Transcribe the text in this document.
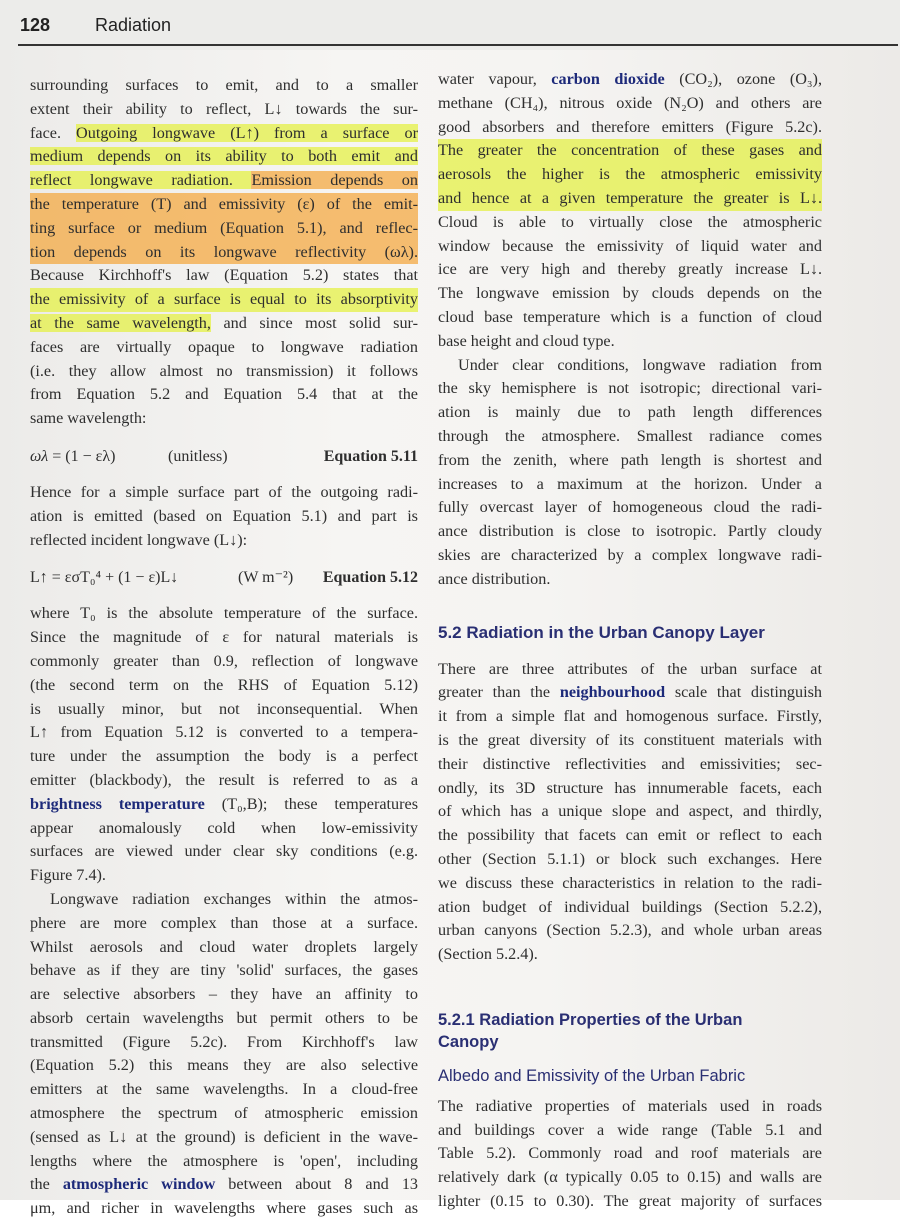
128 Radiation
surrounding surfaces to emit, and to a smaller
extent their ability to reflect, L↓ towards the sur-
face. Outgoing longwave (L↑) from a surface or
medium depends on its ability to both emit and
reflect longwave radiation. Emission depends on
the temperature (T) and emissivity (ε) of the emit-
ting surface or medium (Equation 5.1), and reflec-
tion depends on its longwave reflectivity (ωλ).
Because Kirchhoff's law (Equation 5.2) states that
the emissivity of a surface is equal to its absorptivity
at the same wavelength, and since most solid sur-
faces are virtually opaque to longwave radiation
(i.e. they allow almost no transmission) it follows
from Equation 5.2 and Equation 5.4 that at the
same wavelength:
ωλ = (1 − ελ)	(unitless)	Equation 5.11
Hence for a simple surface part of the outgoing radi-
ation is emitted (based on Equation 5.1) and part is
reflected incident longwave (L↓):
L↑ = εσT₀⁴ + (1 − ε)L↓	(W m⁻²) Equation 5.12
where T₀ is the absolute temperature of the surface.
Since the magnitude of ε for natural materials is
commonly greater than 0.9, reflection of longwave
(the second term on the RHS of Equation 5.12)
is usually minor, but not inconsequential. When
L↑ from Equation 5.12 is converted to a tempera-
ture under the assumption the body is a perfect
emitter (blackbody), the result is referred to as a
brightness temperature (T₀,B); these temperatures
appear anomalously cold when low-emissivity
surfaces are viewed under clear sky conditions (e.g.
Figure 7.4).
Longwave radiation exchanges within the atmos-
phere are more complex than those at a surface.
Whilst aerosols and cloud water droplets largely
behave as if they are tiny 'solid' surfaces, the gases
are selective absorbers – they have an affinity to
absorb certain wavelengths but permit others to be
transmitted (Figure 5.2c). From Kirchhoff's law
(Equation 5.2) this means they are also selective
emitters at the same wavelengths. In a cloud-free
atmosphere the spectrum of atmospheric emission
(sensed as L↓ at the ground) is deficient in the wave-
lengths where the atmosphere is 'open', including
the atmospheric window between about 8 and 13
μm, and richer in wavelengths where gases such as
water vapour, carbon dioxide (CO₂), ozone (O₃),
methane (CH₄), nitrous oxide (N₂O) and others are
good absorbers and therefore emitters (Figure 5.2c).
The greater the concentration of these gases and
aerosols the higher is the atmospheric emissivity
and hence at a given temperature the greater is L↓.
Cloud is able to virtually close the atmospheric
window because the emissivity of liquid water and
ice are very high and thereby greatly increase L↓.
The longwave emission by clouds depends on the
cloud base temperature which is a function of cloud
base height and cloud type.
Under clear conditions, longwave radiation from
the sky hemisphere is not isotropic; directional vari-
ation is mainly due to path length differences
through the atmosphere. Smallest radiance comes
from the zenith, where path length is shortest and
increases to a maximum at the horizon. Under a
fully overcast layer of homogeneous cloud the radi-
ance distribution is close to isotropic. Partly cloudy
skies are characterized by a complex longwave radi-
ance distribution.
5.2 Radiation in the Urban Canopy Layer
There are three attributes of the urban surface at
greater than the neighbourhood scale that distinguish
it from a simple flat and homogenous surface. Firstly,
is the great diversity of its constituent materials with
their distinctive reflectivities and emissivities; sec-
ondly, its 3D structure has innumerable facets, each
of which has a unique slope and aspect, and thirdly,
the possibility that facets can emit or reflect to each
other (Section 5.1.1) or block such exchanges. Here
we discuss these characteristics in relation to the radi-
ation budget of individual buildings (Section 5.2.2),
urban canyons (Section 5.2.3), and whole urban areas
(Section 5.2.4).
5.2.1 Radiation Properties of the Urban
Canopy
Albedo and Emissivity of the Urban Fabric
The radiative properties of materials used in roads
and buildings cover a wide range (Table 5.1 and
Table 5.2). Commonly road and roof materials are
relatively dark (α typically 0.05 to 0.15) and walls are
lighter (0.15 to 0.30). The great majority of surfaces
